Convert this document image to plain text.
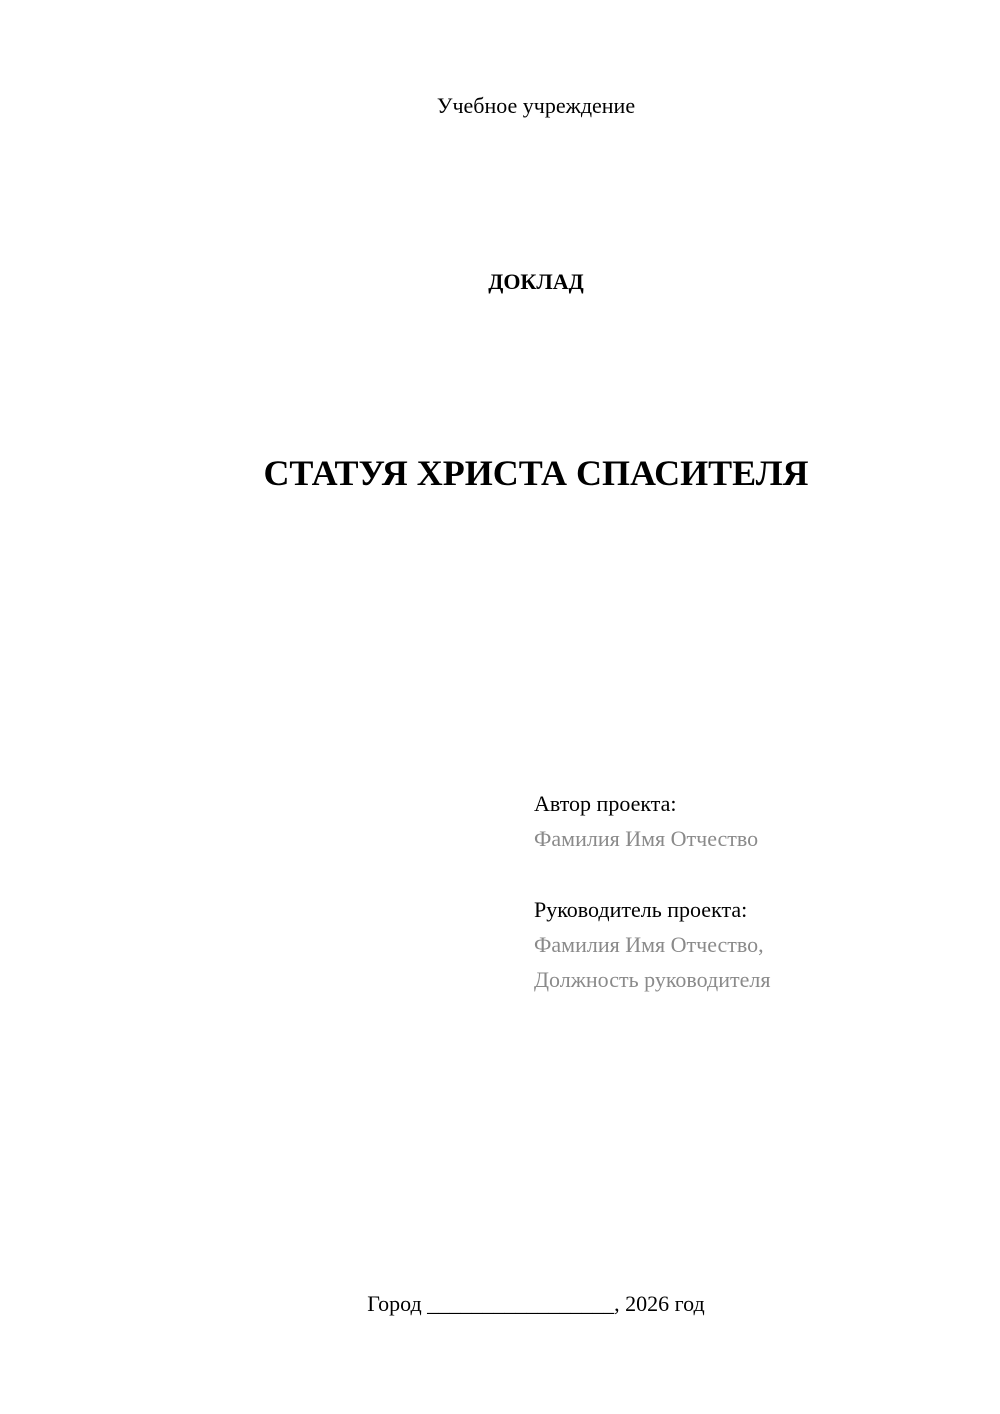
Учебное учреждение
ДОКЛАД
СТАТУЯ ХРИСТА СПАСИТЕЛЯ
Автор проекта:
Фамилия Имя Отчество
Руководитель проекта:
Фамилия Имя Отчество,
Должность руководителя
Город _________________, 2026 год
